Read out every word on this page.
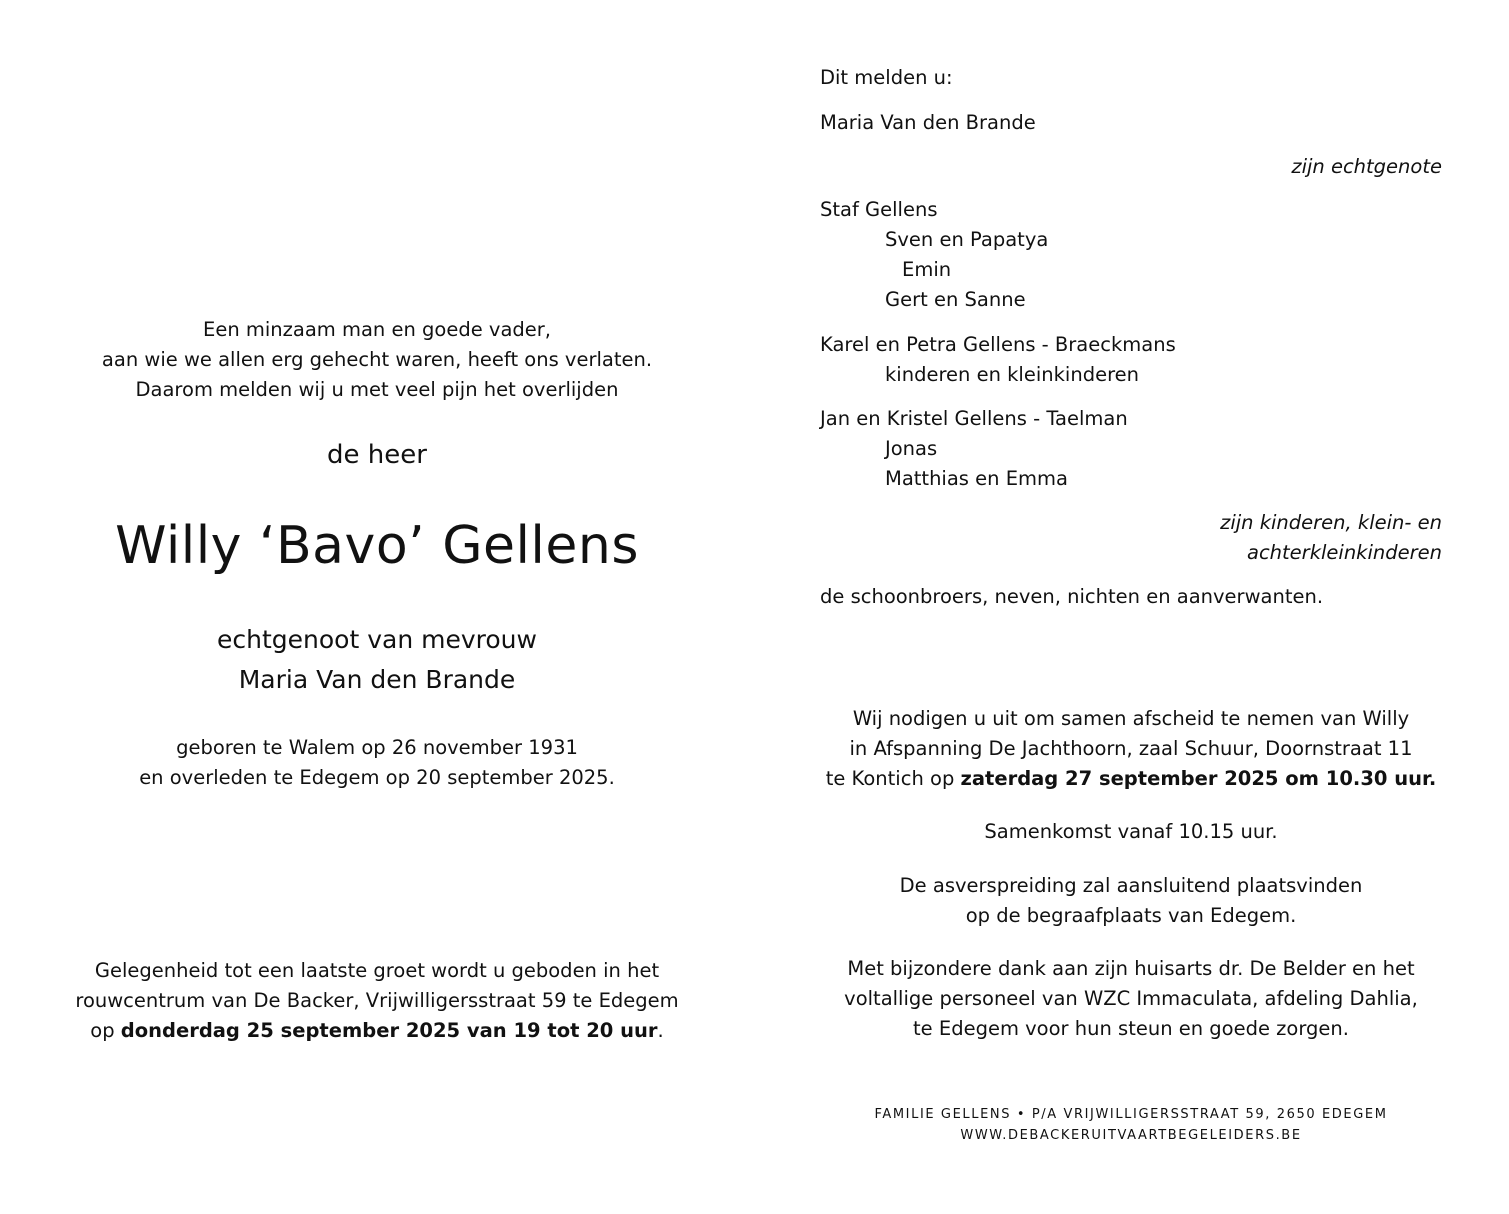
Een minzaam man en goede vader,
aan wie we allen erg gehecht waren, heeft ons verlaten.
Daarom melden wij u met veel pijn het overlijden
de heer
Willy ‘Bavo’ Gellens
echtgenoot van mevrouw
Maria Van den Brande
geboren te Walem op 26 november 1931
en overleden te Edegem op 20 september 2025.
Gelegenheid tot een laatste groet wordt u geboden in het
rouwcentrum van De Backer, Vrijwilligersstraat 59 te Edegem
op donderdag 25 september 2025 van 19 tot 20 uur.
Dit melden u:
Maria Van den Brande
zijn echtgenote
Staf Gellens
Sven en Papatya
Emin
Gert en Sanne
Karel en Petra Gellens - Braeckmans
kinderen en kleinkinderen
Jan en Kristel Gellens - Taelman
Jonas
Matthias en Emma
zijn kinderen, klein- en
achterkleinkinderen
de schoonbroers, neven, nichten en aanverwanten.
Wij nodigen u uit om samen afscheid te nemen van Willy
in Afspanning De Jachthoorn, zaal Schuur, Doornstraat 11
te Kontich op zaterdag 27 september 2025 om 10.30 uur.
Samenkomst vanaf 10.15 uur.
De asverspreiding zal aansluitend plaatsvinden
op de begraafplaats van Edegem.
Met bijzondere dank aan zijn huisarts dr. De Belder en het
voltallige personeel van WZC Immaculata, afdeling Dahlia,
te Edegem voor hun steun en goede zorgen.
FAMILIE GELLENS • P/A VRIJWILLIGERSSTRAAT 59, 2650 EDEGEM
WWW.DEBACKERUITVAARTBEGELEIDERS.BE
